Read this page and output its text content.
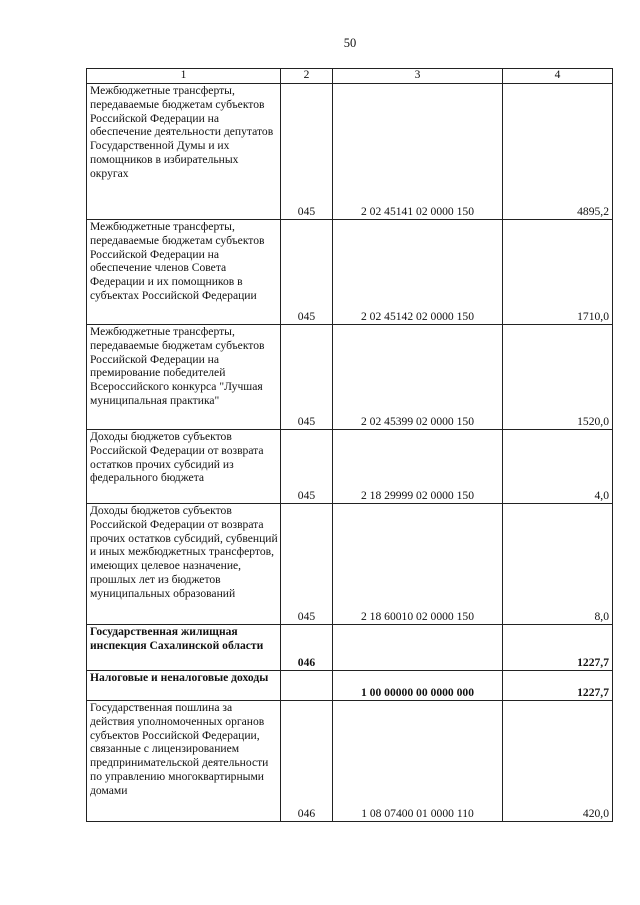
50
1	2	3	4
Межбюджетные трансферты, передаваемые бюджетам субъектов Российской Федерации на обеспечение деятельности депутатов Государственной Думы и их помощников в избирательных округах	045	2 02 45141 02 0000 150	4895,2
Межбюджетные трансферты, передаваемые бюджетам субъектов Российской Федерации на обеспечение членов Совета Федерации и их помощников в субъектах Российской Федерации	045	2 02 45142 02 0000 150	1710,0
Межбюджетные трансферты, передаваемые бюджетам субъектов Российской Федерации на премирование победителей Всероссийского конкурса "Лучшая муниципальная практика"	045	2 02 45399 02 0000 150	1520,0
Доходы бюджетов субъектов Российской Федерации от возврата остатков прочих субсидий из федерального бюджета	045	2 18 29999 02 0000 150	4,0
Доходы бюджетов субъектов Российской Федерации от возврата прочих остатков субсидий, субвенций и иных межбюджетных трансфертов, имеющих целевое назначение, прошлых лет из бюджетов муниципальных образований	045	2 18 60010 02 0000 150	8,0
Государственная жилищная инспекция Сахалинской области	046		1227,7
Налоговые и неналоговые доходы		1 00 00000 00 0000 000	1227,7
Государственная пошлина за действия уполномоченных органов субъектов Российской Федерации, связанные с лицензированием предпринимательской деятельности по управлению многоквартирными домами	046	1 08 07400 01 0000 110	420,0
